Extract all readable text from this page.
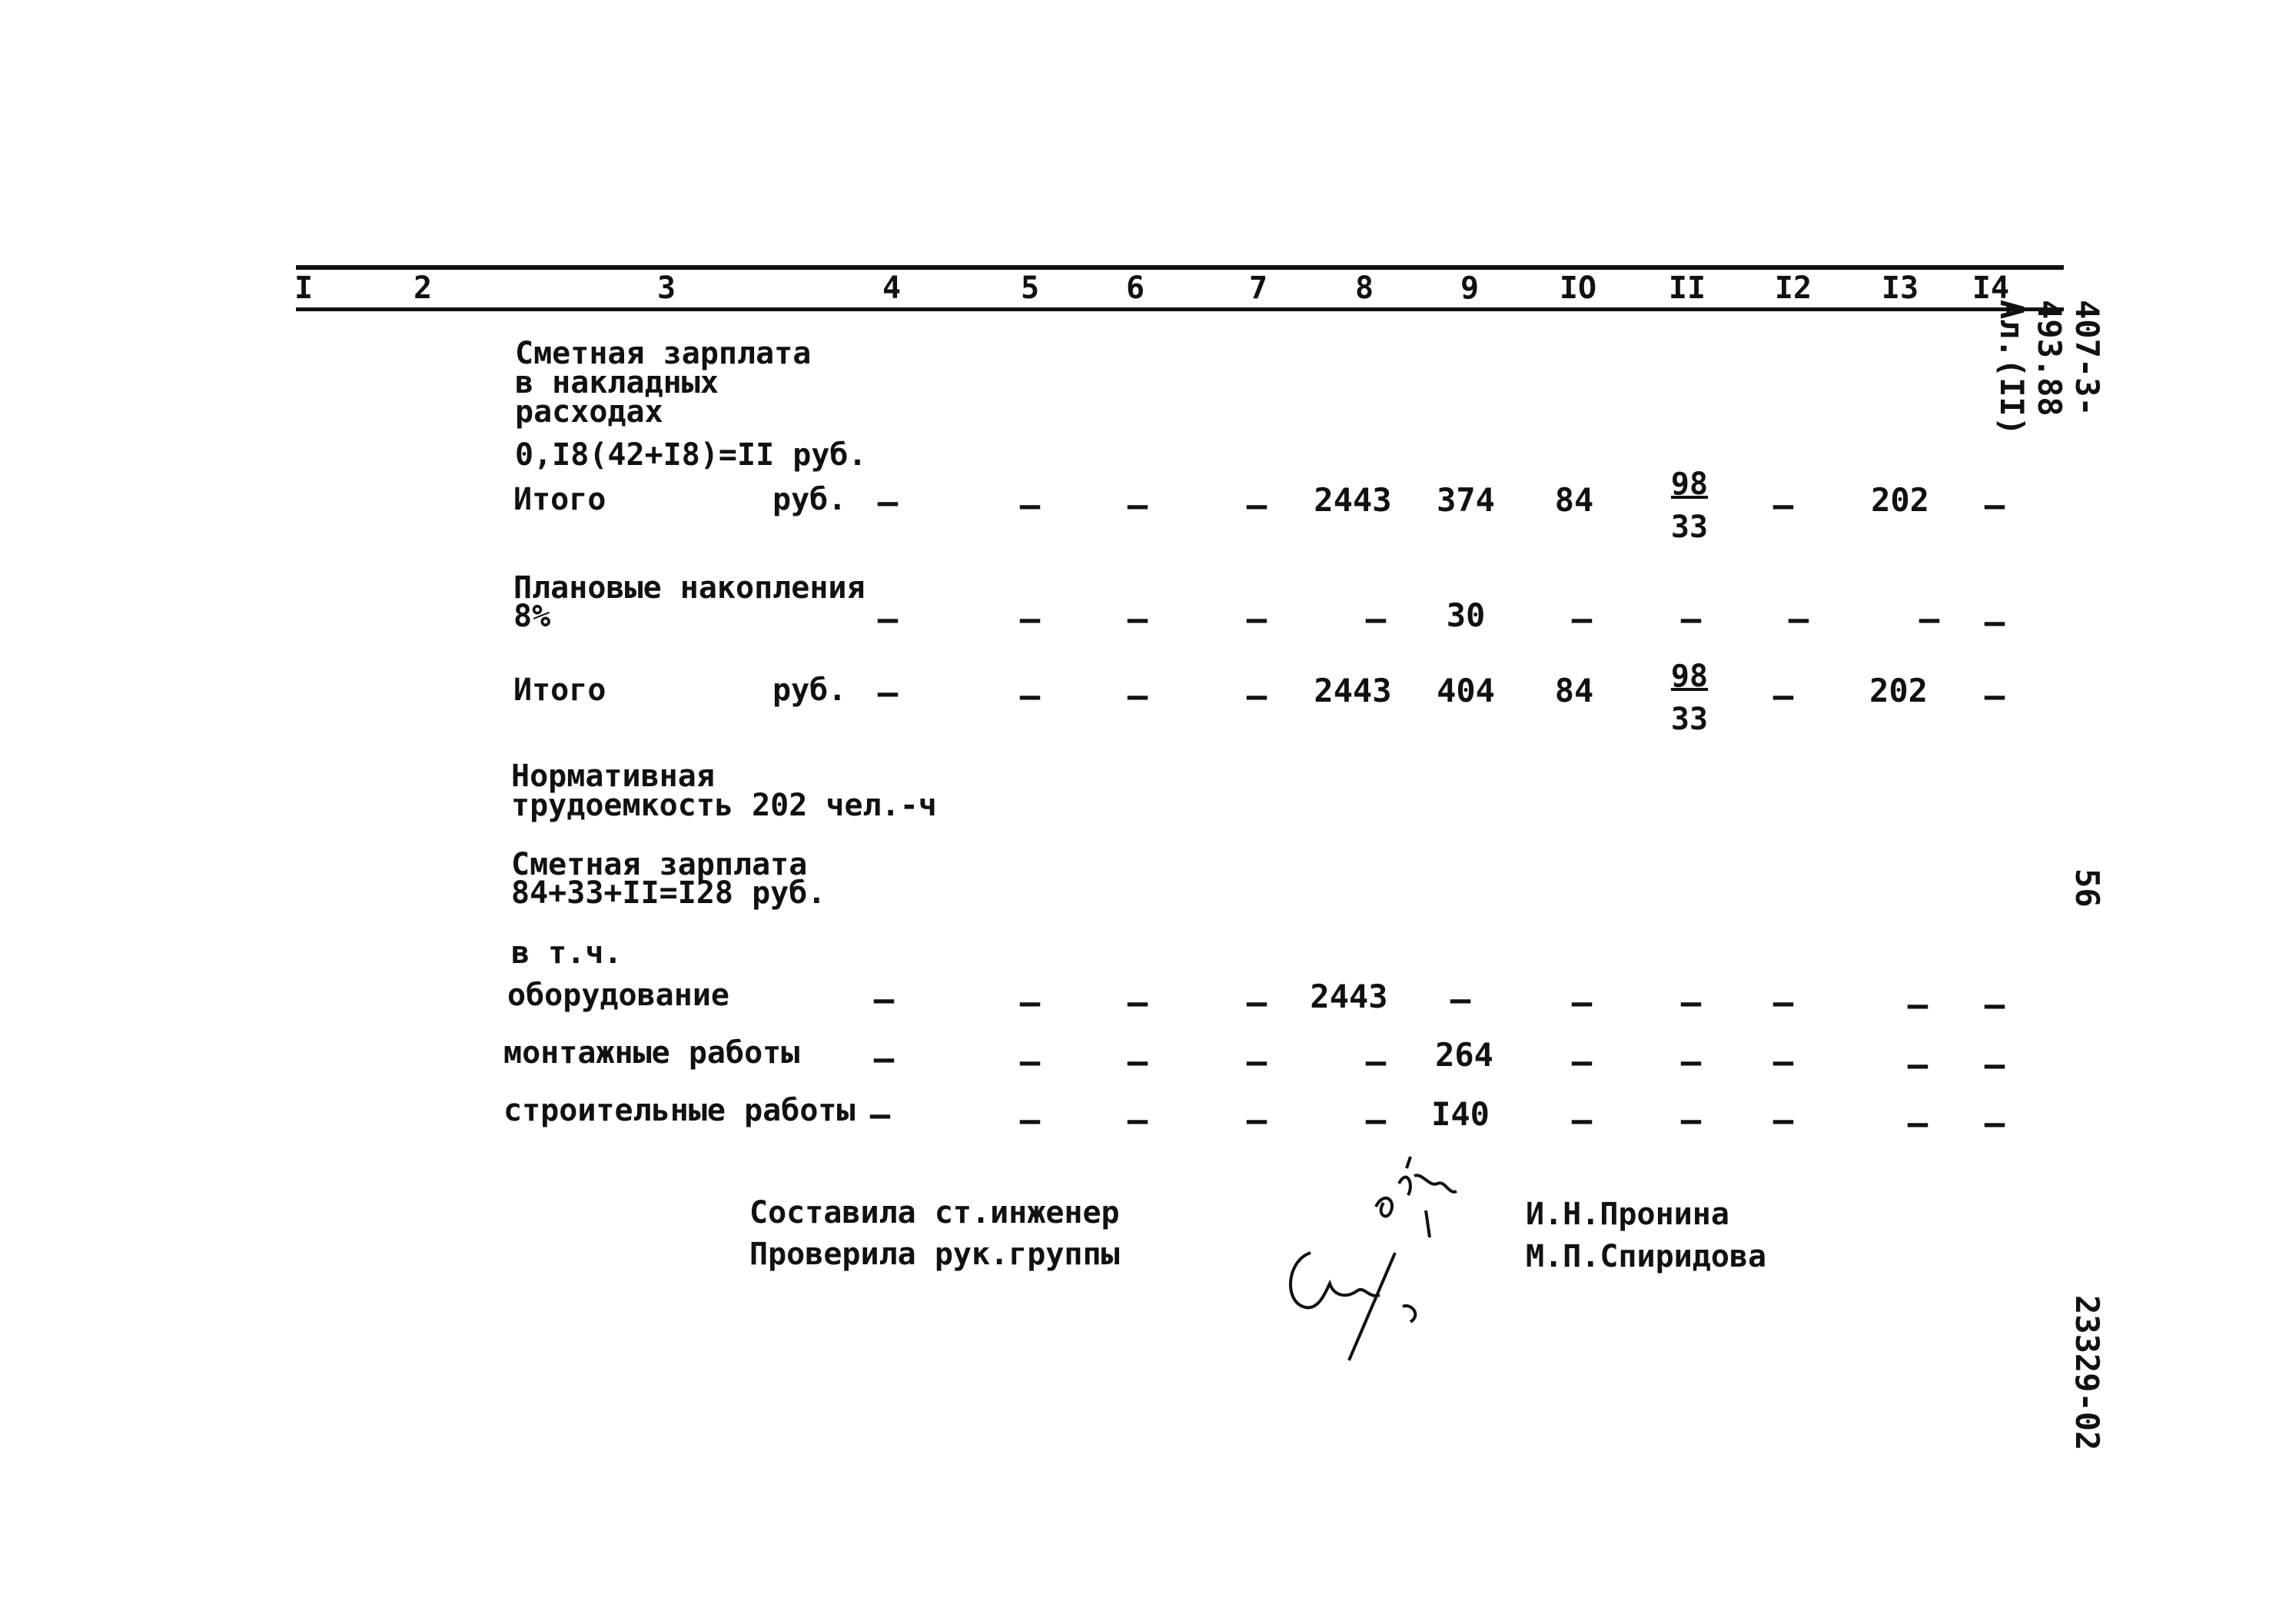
I	2	3	4	5	6	7	8	9	IO	II	I2	I3	I4
Сметная зарплата
в накладных
расходах
0,I8(42+I8)=II руб.
Итого	руб. –	–	–	–	2443	374	84	$\frac{98}{33}$	–	202	–
Плановые накопления
8%	–	–	–	–	–	30	–	–	–	–	–
Итого	руб. –	–	–	–	2443	404	84	$\frac{98}{33}$	–	202	–
Нормативная
трудоемкость 202 чел.-ч
Сметная зарплата
84+33+II=I28 руб.
в т.ч.
оборудование	–	–	–	–	2443	–	–	–	–	–	–
монтажные работы	–	–	–	–	–	264	–	–	–	–	–
строительные работы –	–	–	–	–	I40	–	–	–	–	–
Составила ст.инженер
Проверила рук.группы
И.Н.Пронина
М.П.Спиридова
407-3-493.88 Ал.(II)
56
23329-02
